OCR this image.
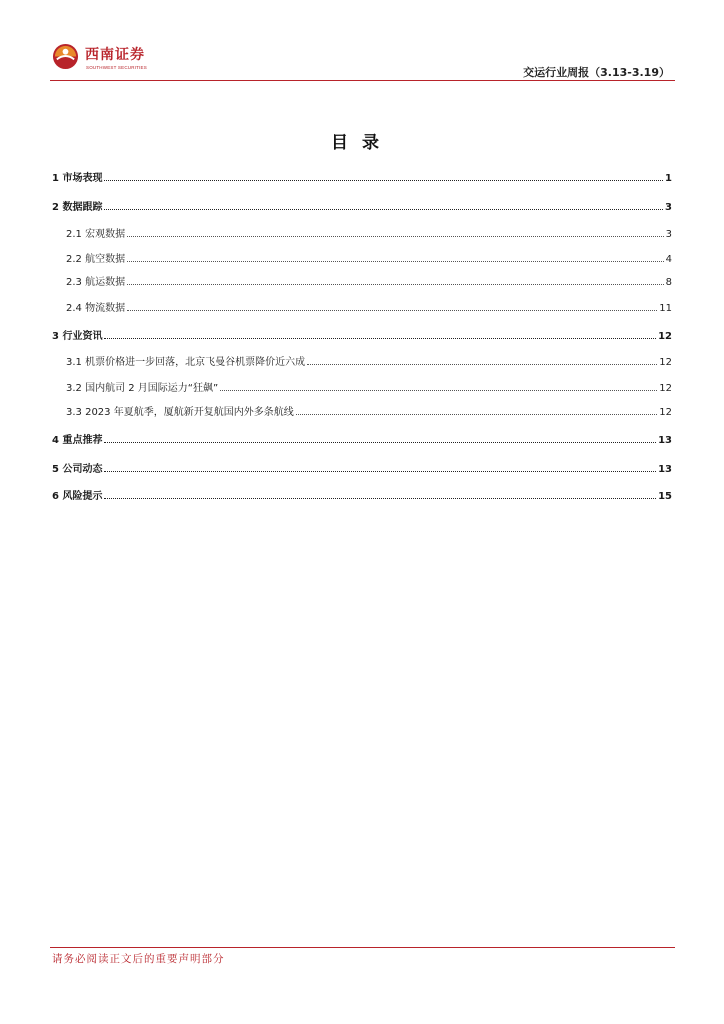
西南证券
SOUTHWEST SECURITIES	交运行业周报（3.13-3.19）
目录
1 市场表现	1
2 数据跟踪	3
2.1 宏观数据	3
2.2 航空数据	4
2.3 航运数据	8
2.4 物流数据	11
3 行业资讯	12
3.1 机票价格进一步回落，北京飞曼谷机票降价近六成	12
3.2 国内航司 2 月国际运力“狂飙”	12
3.3 2023 年夏航季，厦航新开复航国内外多条航线	12
4 重点推荐	13
5 公司动态	13
6 风险提示	15
请务必阅读正文后的重要声明部分
